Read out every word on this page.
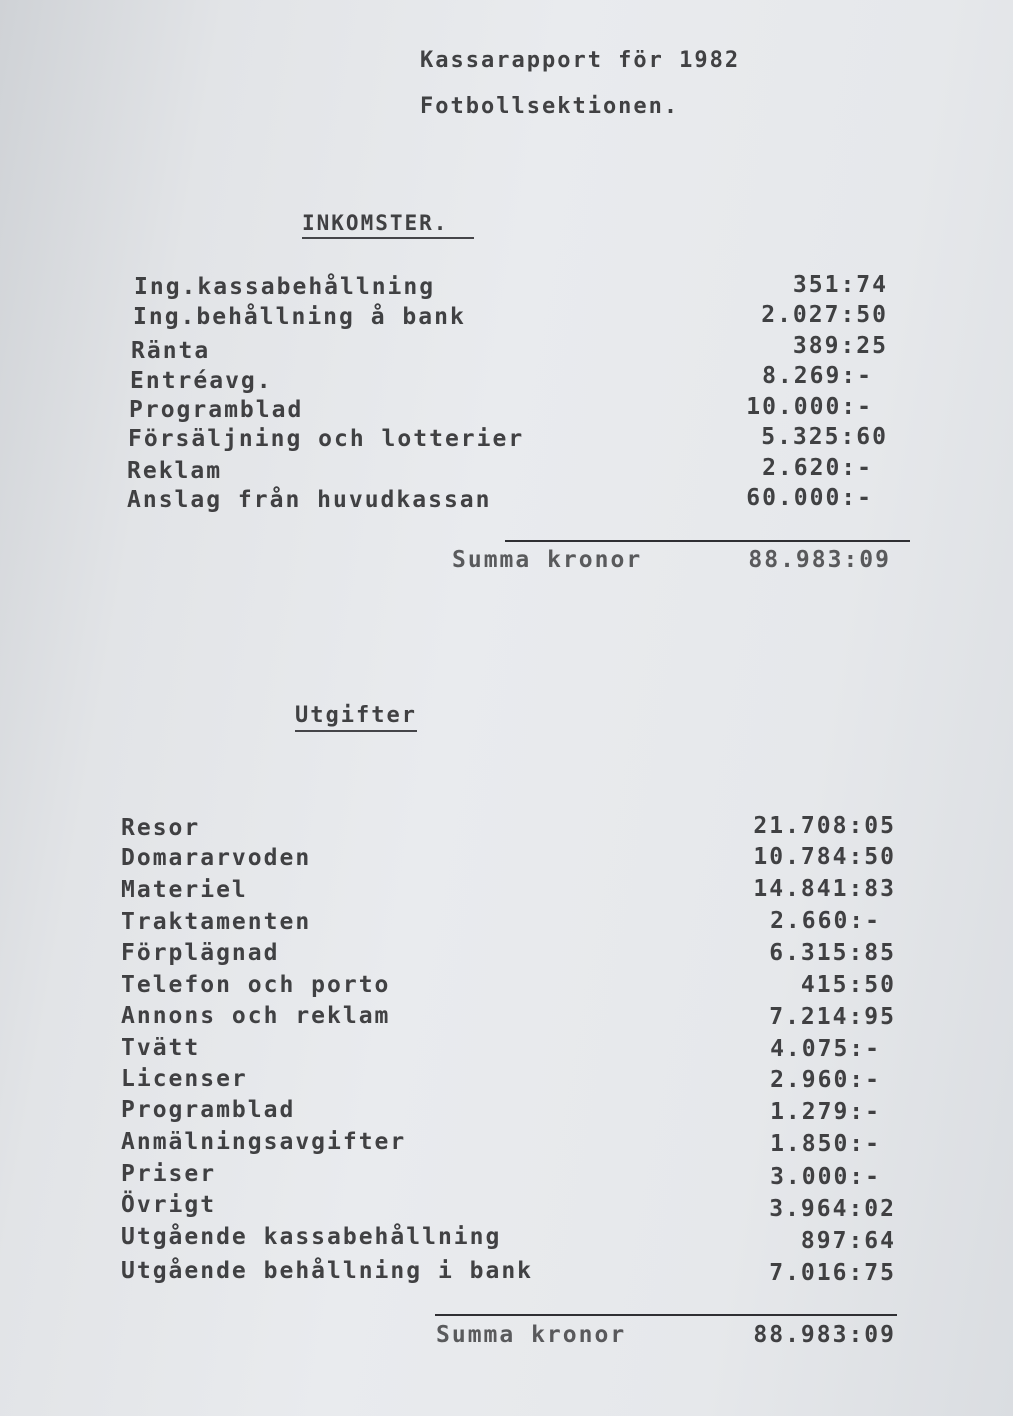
Kassarapport för 1982
Fotbollsektionen.
INKOMSTER.
Ing.kassabehållning	351:74
Ing.behållning å bank	2.027:50
Ränta	389:25
Entréavg.	8.269:-
Programblad	10.000:-
Försäljning och lotterier	5.325:60
Reklam	2.620:-
Anslag från huvudkassan	60.000:-
Summa kronor	88.983:09
Utgifter
Resor	21.708:05
Domararvoden	10.784:50
Materiel	14.841:83
Traktamenten	2.660:-
Förplägnad	6.315:85
Telefon och porto	415:50
Annons och reklam	7.214:95
Tvätt	4.075:-
Licenser	2.960:-
Programblad	1.279:-
Anmälningsavgifter	1.850:-
Priser	3.000:-
Övrigt	3.964:02
Utgående kassabehållning	897:64
Utgående behållning i bank	7.016:75
Summa kronor	88.983:09
